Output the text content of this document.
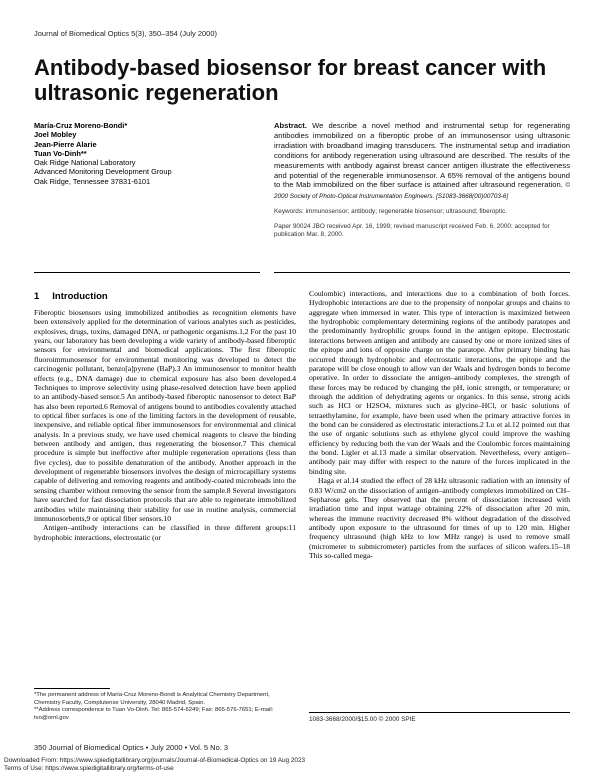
Journal of Biomedical Optics 5(3), 350–354 (July 2000)
Antibody-based biosensor for breast cancer with ultrasonic regeneration
María-Cruz Moreno-Bondi*
Joel Mobley
Jean-Pierre Alarie
Tuan Vo-Dinh**
Oak Ridge National Laboratory
Advanced Monitoring Development Group
Oak Ridge, Tennessee 37831-6101

Abstract. We describe a novel method and instrumental setup for regenerating antibodies immobilized on a fiberoptic probe of an immunosensor using ultrasonic irradiation with broadband imaging transducers. The instrumental setup and irradiation conditions for antibody regeneration using ultrasound are described. The results of the measurements with antibody against breast cancer antigen illustrate the effectiveness and potential of the regenerable immunosensor. A 65% removal of the antigens bound to the Mab immobilized on the fiber surface is attained after ultrasound regeneration. © 2000 Society of Photo-Optical Instrumentation Engineers. [S1083-3668(00)00703-6]

Keywords: immunosensor; antibody; regenerable biosensor; ultrasound; fiberoptic.
Paper 90024 JBO received Apr. 16, 1999; revised manuscript received Feb. 6, 2000; accepted for publication Mar. 8, 2000.
1 Introduction

Fiberoptic biosensors using immobilized antibodies as recognition elements have been extensively applied for the determination of various analytes such as pesticides, explosives, drugs, toxins, damaged DNA, or pathogenic organisms.1,2 For the past 10 years, our laboratory has been developing a wide variety of antibody-based fiberoptic sensors for environmental and biomedical applications. The first fiberoptic fluoroimmunosensor for environmental monitoring was developed to detect the carcinogenic pollutant, benzo[a]pyrene (BaP).3 An immunosensor to monitor health effects (e.g., DNA damage) due to chemical exposure has also been developed.4 Techniques to improve selectivity using phase-resolved detection have been applied to an antibody-based sensor.5 An antibody-based fiberoptic nanosensor to detect BaP has also been reported.6 Removal of antigens bound to antibodies covalently attached to optical fiber surfaces is one of the limiting factors in the development of reusable, inexpensive, and reliable optical fiber immunosensors for environmental and clinical analysis. In a previous study, we have used chemical reagents to cleave the binding between antibody and antigen, thus regenerating the biosensor.7 This chemical procedure is simple but ineffective after multiple regeneration operations (less than five cycles), due to possible denaturation of the antibody. Another approach in the development of regenerable biosensors involves the design of microcapillary systems capable of delivering and removing reagents and antibody-coated microbeads into the sensing chamber without removing the sensor from the sample.8 Several investigators have searched for fast dissociation protocols that are able to regenerate immobilized antibodies while maintaining their stability for use in routine analysis, commercial immunosorbents,9 or optical fiber sensors.10

Antigen–antibody interactions can be classified in three different groups:11 hydrophobic interactions, electrostatic (or

Coulombic) interactions, and interactions due to a combination of both forces. Hydrophobic interactions are due to the propensity of nonpolar groups and chains to aggregate when immersed in water. This type of interaction is maximized between the hydrophobic complementary determining regions of the antibody paratopes and the predominantly hydrophilic groups found in the antigen epitope. Electrostatic interactions between antigen and antibody are caused by one or more ionized sites of the epitope and ions of opposite charge on the paratope. After primary binding has occurred through hydrophobic and electrostatic interactions, the epitope and the paratope will be close enough to allow van der Waals and hydrogen bonds to become operative. In order to dissociate the antigen–antibody complexes, the strength of these forces may be reduced by changing the pH, ionic strength, or temperature; or through the addition of dehydrating agents or organics. In this sense, strong acids such as HCl or H2SO4, mixtures such as glycine–HCl, or basic solutions of tetraethylamine, for example, have been used when the primary attractive forces in the bond can be considered as electrostatic interactions.2 Lu et al.12 pointed out that the use of organic solutions such as ethylene glycol could improve the washing efficiency by reducing both the van der Waals and the Coulombic forces maintaining the bond. Ligler et al.13 made a similar observation. Nevertheless, every antigen–antibody pair may differ with respect to the nature of the forces implicated in the binding site.

Haga et al.14 studied the effect of 28 kHz ultrasonic radiation with an intensity of 0.83 W/cm2 on the dissociation of antigen–antibody complexes immobilized on CH–Sepharose gels. They observed that the percent of dissociation increased with irradiation time and input wattage obtaining 22% of dissociation after 20 min, whereas the immune reactivity decreased 8% without degradation of the dissolved antibody upon exposure to the ultrasound for times of up to 120 min. Higher frequency ultrasound (high kHz to low MHz range) is used to remove small (micrometer to submicrometer) particles from the surfaces of silicon wafers.15–18 This so-called mega-

*The permanent address of María-Cruz Moreno-Bondi is Analytical Chemistry Department, Chemistry Faculty, Complutense University, 28040 Madrid, Spain.
**Address correspondence to Tuan Vo-Dinh. Tel: 865-574-6249; Fax: 865-576-7651; E-mail: tvo@ornl.gov	1083-3668/2000/$15.00 © 2000 SPIE
350 Journal of Biomedical Optics • July 2000 • Vol. 5 No. 3
Downloaded From: https://www.spiedigitallibrary.org/journals/Journal-of-Biomedical-Optics on 19 Aug 2023
Terms of Use: https://www.spiedigitallibrary.org/terms-of-use
